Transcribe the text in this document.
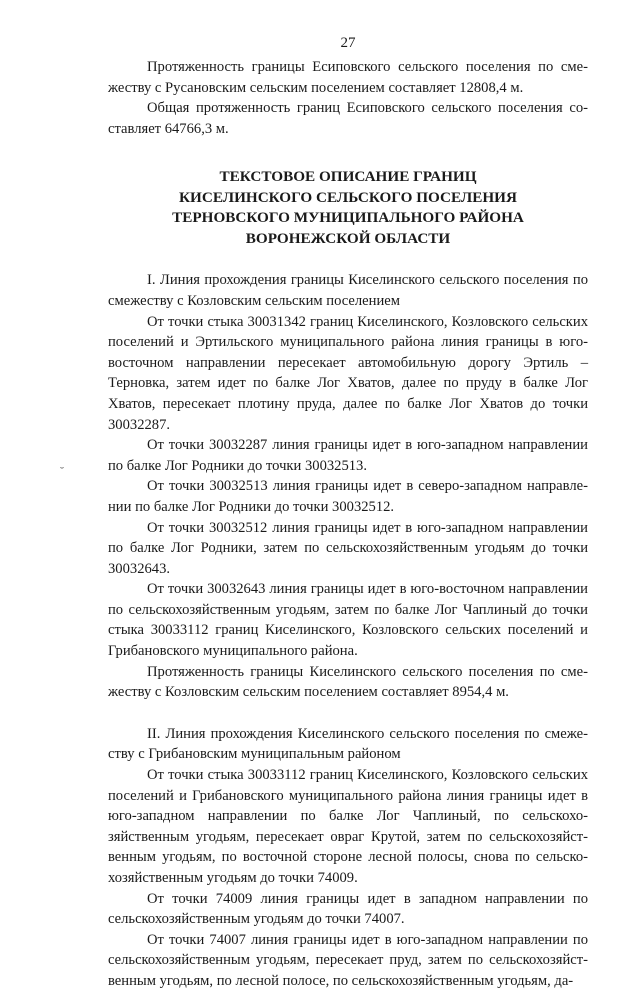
27

Протяженность границы Есиповского сельского поселения по смежеству с Русановским сельским поселением составляет 12808,4 м.

Общая протяженность границ Есиповского сельского поселения составляет 64766,3 м.

ТЕКСТОВОЕ ОПИСАНИЕ ГРАНИЦ
КИСЕЛИНСКОГО СЕЛЬСКОГО ПОСЕЛЕНИЯ
ТЕРНОВСКОГО МУНИЦИПАЛЬНОГО РАЙОНА
ВОРОНЕЖСКОЙ ОБЛАСТИ

I. Линия прохождения границы Киселинского сельского поселения по смежеству с Козловским сельским поселением

От точки стыка 30031342 границ Киселинского, Козловского сельских поселений и Эртильского муниципального района линия границы в юго-восточном направлении пересекает автомобильную дорогу Эртиль – Терновка, затем идет по балке Лог Хватов, далее по пруду в балке Лог Хватов, пересекает плотину пруда, далее по балке Лог Хватов до точки 30032287.

От точки 30032287 линия границы идет в юго-западном направлении по балке Лог Родники до точки 30032513.

От точки 30032513 линия границы идет в северо-западном направлении по балке Лог Родники до точки 30032512.

От точки 30032512 линия границы идет в юго-западном направлении по балке Лог Родники, затем по сельскохозяйственным угодьям до точки 30032643.

От точки 30032643 линия границы идет в юго-восточном направлении по сельскохозяйственным угодьям, затем по балке Лог Чаплиный до точки стыка 30033112 границ Киселинского, Козловского сельских поселений и Грибановского муниципального района.

Протяженность границы Киселинского сельского поселения по смежеству с Козловским сельским поселением составляет 8954,4 м.

II. Линия прохождения Киселинского сельского поселения по смежеству с Грибановским муниципальным районом

От точки стыка 30033112 границ Киселинского, Козловского сельских поселений и Грибановского муниципального района линия границы идет в юго-западном направлении по балке Лог Чаплиный, по сельскохозяйственным угодьям, пересекает овраг Крутой, затем по сельскохозяйственным угодьям, по восточной стороне лесной полосы, снова по сельскохозяйственным угодьям до точки 74009.

От точки 74009 линия границы идет в западном направлении по сельскохозяйственным угодьям до точки 74007.

От точки 74007 линия границы идет в юго-западном направлении по сельскохозяйственным угодьям, пересекает пруд, затем по сельскохозяйственным угодьям, по лесной полосе, по сельскохозяйственным угодьям, да-

˘
